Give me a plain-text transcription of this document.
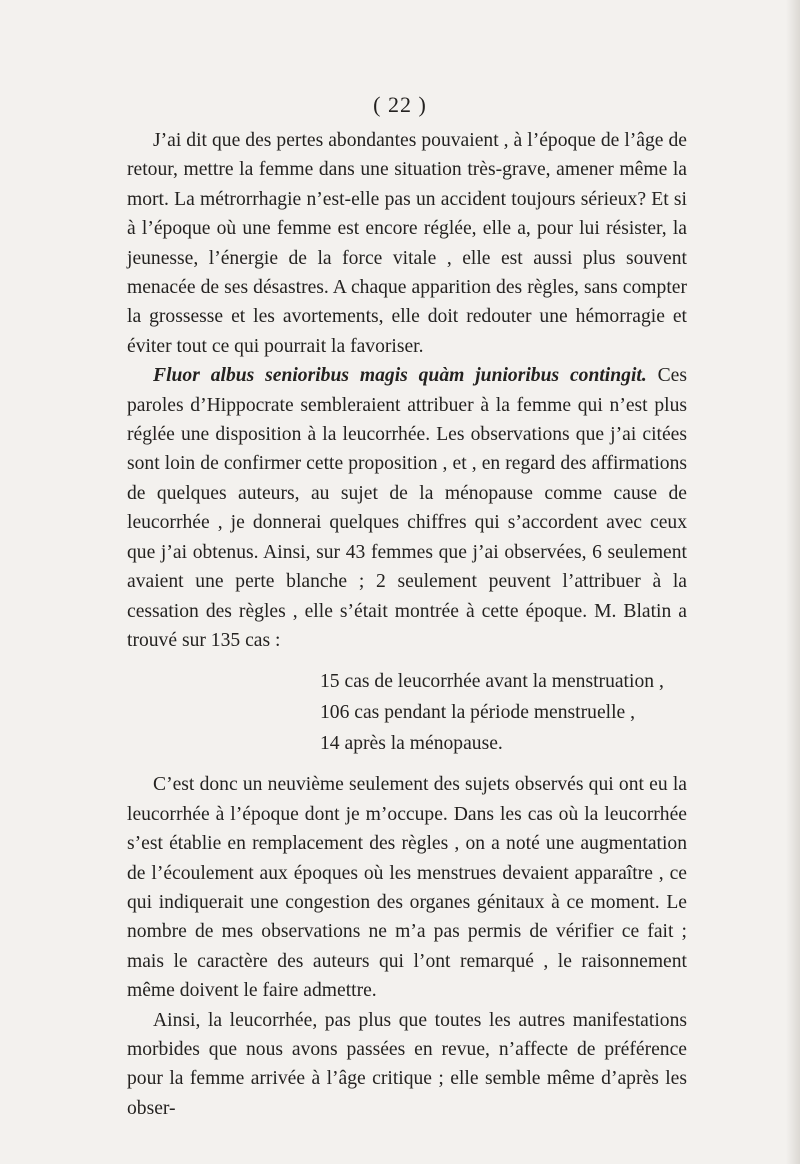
( 22 )

J’ai dit que des pertes abondantes pouvaient , à l’époque de l’âge de retour, mettre la femme dans une situation très-grave, amener même la mort. La métrorrhagie n’est-elle pas un accident toujours sérieux? Et si à l’époque où une femme est encore réglée, elle a, pour lui résister, la jeunesse, l’énergie de la force vitale , elle est aussi plus souvent menacée de ses désastres. A chaque apparition des règles, sans compter la grossesse et les avortements, elle doit redouter une hémorragie et éviter tout ce qui pourrait la favoriser.

Fluor albus senioribus magis quàm junioribus contingit. Ces paroles d’Hippocrate sembleraient attribuer à la femme qui n’est plus réglée une disposition à la leucorrhée. Les observations que j’ai citées sont loin de confirmer cette proposition , et , en regard des affirmations de quelques auteurs, au sujet de la ménopause comme cause de leucorrhée , je donnerai quelques chiffres qui s’accordent avec ceux que j’ai obtenus. Ainsi, sur 43 femmes que j’ai observées, 6 seulement avaient une perte blanche ; 2 seulement peuvent l’attribuer à la cessation des règles , elle s’était montrée à cette époque. M. Blatin a trouvé sur 135 cas :

15 cas de leucorrhée avant la menstruation ,
106 cas pendant la période menstruelle ,
14 après la ménopause.

C’est donc un neuvième seulement des sujets observés qui ont eu la leucorrhée à l’époque dont je m’occupe. Dans les cas où la leucorrhée s’est établie en remplacement des règles , on a noté une augmentation de l’écoulement aux époques où les menstrues devaient apparaître , ce qui indiquerait une congestion des organes génitaux à ce moment. Le nombre de mes observations ne m’a pas permis de vérifier ce fait ; mais le caractère des auteurs qui l’ont remarqué , le raisonnement même doivent le faire admettre.

Ainsi, la leucorrhée, pas plus que toutes les autres manifestations morbides que nous avons passées en revue, n’affecte de préférence pour la femme arrivée à l’âge critique ; elle semble même d’après les obser-
